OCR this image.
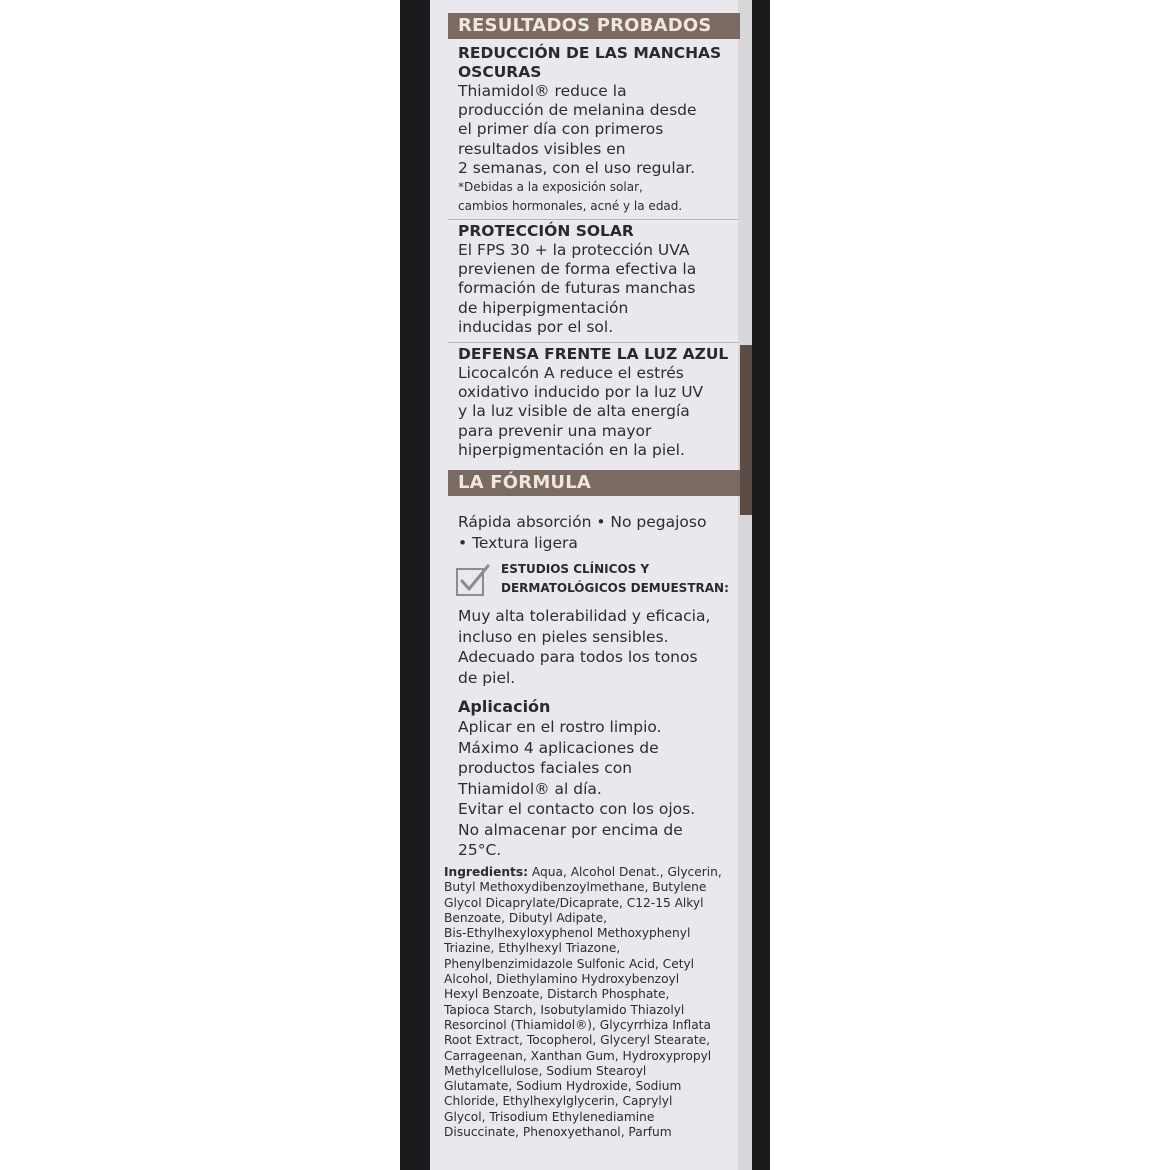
RESULTADOS PROBADOS
REDUCCIÓN DE LAS MANCHAS
OSCURAS
Thiamidol® reduce la
producción de melanina desde
el primer día con primeros
resultados visibles en
2 semanas, con el uso regular.
*Debidas a la exposición solar,
cambios hormonales, acné y la edad.
PROTECCIÓN SOLAR
El FPS 30 + la protección UVA
previenen de forma efectiva la
formación de futuras manchas
de hiperpigmentación
inducidas por el sol.
DEFENSA FRENTE LA LUZ AZUL
Licocalcón A reduce el estrés
oxidativo inducido por la luz UV
y la luz visible de alta energía
para prevenir una mayor
hiperpigmentación en la piel.
LA FÓRMULA
Rápida absorción • No pegajoso
• Textura ligera
ESTUDIOS CLÍNICOS Y
DERMATOLÓGICOS DEMUESTRAN:
Muy alta tolerabilidad y eficacia,
incluso en pieles sensibles.
Adecuado para todos los tonos
de piel.
Aplicación
Aplicar en el rostro limpio.
Máximo 4 aplicaciones de
productos faciales con
Thiamidol® al día.
Evitar el contacto con los ojos.
No almacenar por encima de
25°C.
Ingredients: Aqua, Alcohol Denat., Glycerin,
Butyl Methoxydibenzoylmethane, Butylene
Glycol Dicaprylate/Dicaprate, C12-15 Alkyl
Benzoate, Dibutyl Adipate,
Bis-Ethylhexyloxyphenol Methoxyphenyl
Triazine, Ethylhexyl Triazone,
Phenylbenzimidazole Sulfonic Acid, Cetyl
Alcohol, Diethylamino Hydroxybenzoyl
Hexyl Benzoate, Distarch Phosphate,
Tapioca Starch, Isobutylamido Thiazolyl
Resorcinol (Thiamidol®), Glycyrrhiza Inflata
Root Extract, Tocopherol, Glyceryl Stearate,
Carrageenan, Xanthan Gum, Hydroxypropyl
Methylcellulose, Sodium Stearoyl
Glutamate, Sodium Hydroxide, Sodium
Chloride, Ethylhexylglycerin, Caprylyl
Glycol, Trisodium Ethylenediamine
Disuccinate, Phenoxyethanol, Parfum
